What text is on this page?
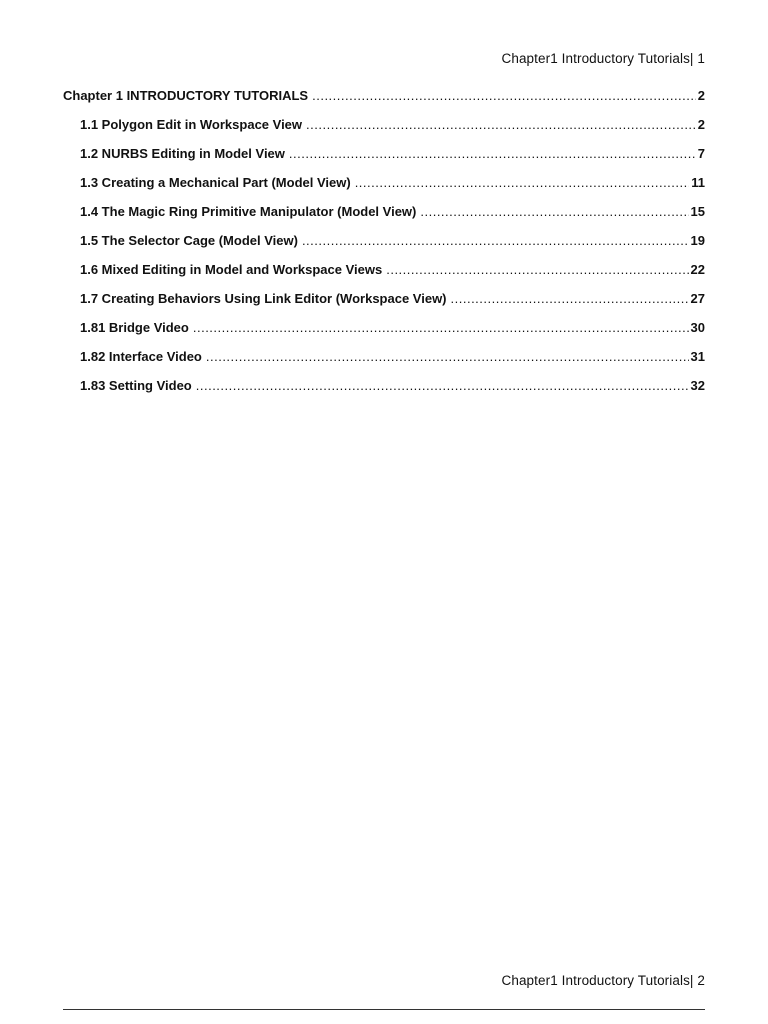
Chapter1 Introductory Tutorials| 1
Chapter 1 INTRODUCTORY TUTORIALS .....	2
1.1 Polygon Edit in Workspace View .....	2
1.2 NURBS Editing in Model View .....	7
1.3 Creating a Mechanical Part (Model View) .....	11
1.4 The Magic Ring Primitive Manipulator (Model View) .....	15
1.5 The Selector Cage (Model View) .....	19
1.6 Mixed Editing in Model and Workspace Views .....	22
1.7 Creating Behaviors Using Link Editor (Workspace View) .....	27
1.81 Bridge Video .....	30
1.82 Interface Video .....	31
1.83 Setting Video .....	32
Chapter1 Introductory Tutorials| 2
